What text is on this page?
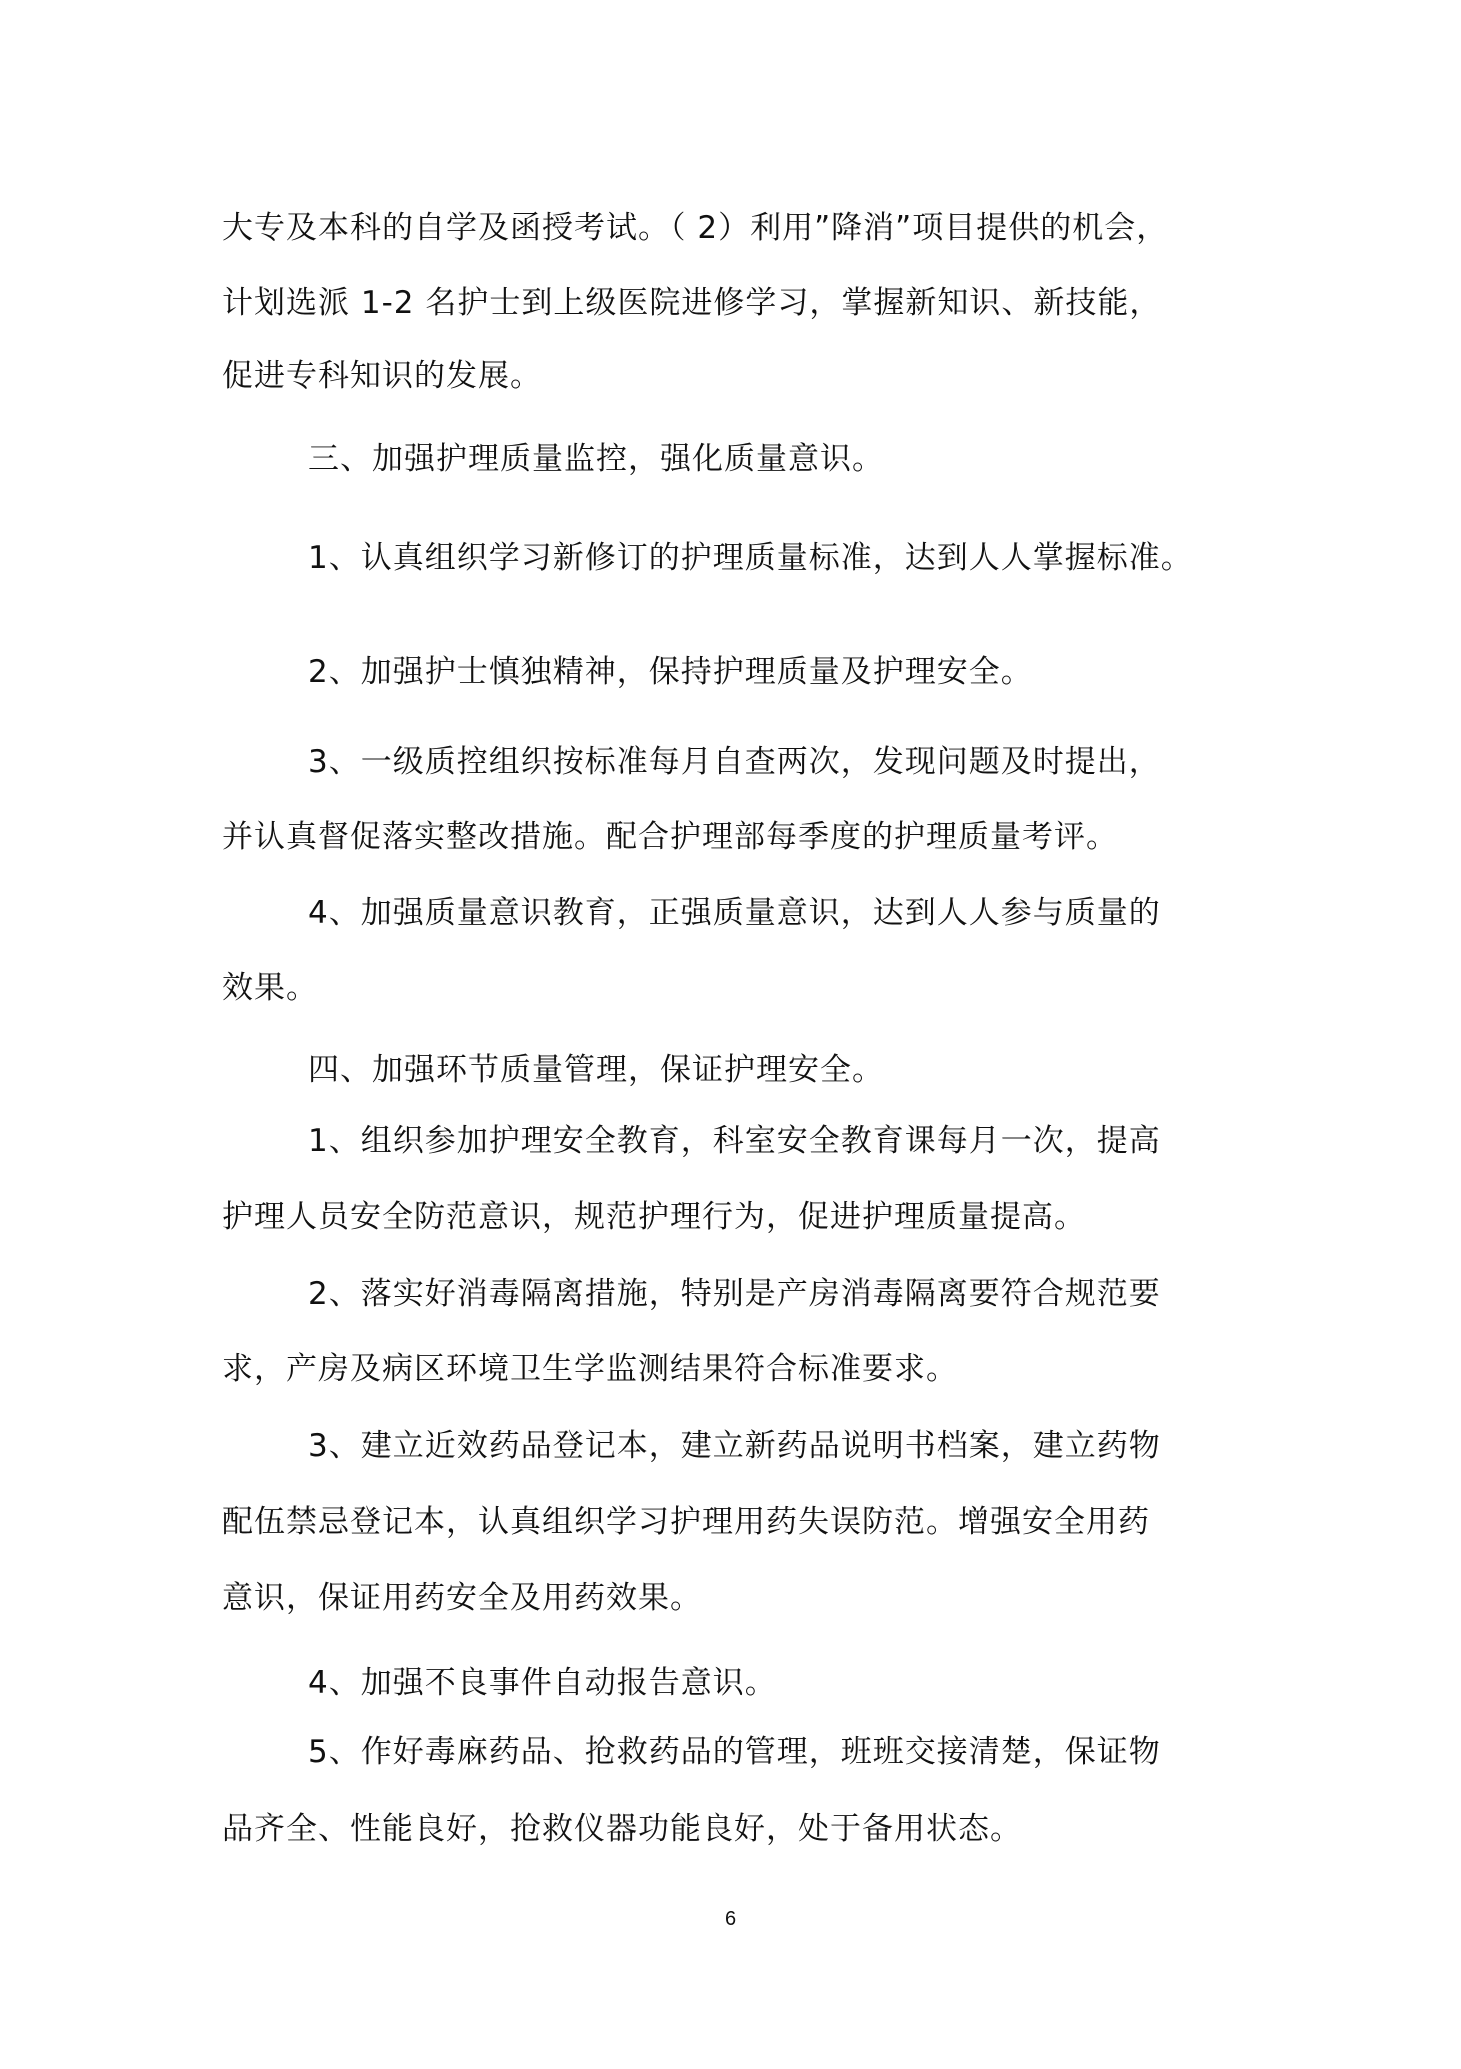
大专及本科的自学及函授考试。（ 2）利用”降消”项目提供的机会，
计划选派 1-2 名护士到上级医院进修学习，掌握新知识、新技能，
促进专科知识的发展。
三、加强护理质量监控，强化质量意识。
1、认真组织学习新修订的护理质量标准，达到人人掌握标准。
2、加强护士慎独精神，保持护理质量及护理安全。
3、一级质控组织按标准每月自查两次，发现问题及时提出，
并认真督促落实整改措施。配合护理部每季度的护理质量考评。
4、加强质量意识教育，正强质量意识，达到人人参与质量的
效果。
四、加强环节质量管理，保证护理安全。
1、组织参加护理安全教育，科室安全教育课每月一次，提高
护理人员安全防范意识，规范护理行为，促进护理质量提高。
2、落实好消毒隔离措施，特别是产房消毒隔离要符合规范要
求，产房及病区环境卫生学监测结果符合标准要求。
3、建立近效药品登记本，建立新药品说明书档案，建立药物
配伍禁忌登记本，认真组织学习护理用药失误防范。增强安全用药
意识，保证用药安全及用药效果。
4、加强不良事件自动报告意识。
5、作好毒麻药品、抢救药品的管理，班班交接清楚，保证物
品齐全、性能良好，抢救仪器功能良好，处于备用状态。
6
